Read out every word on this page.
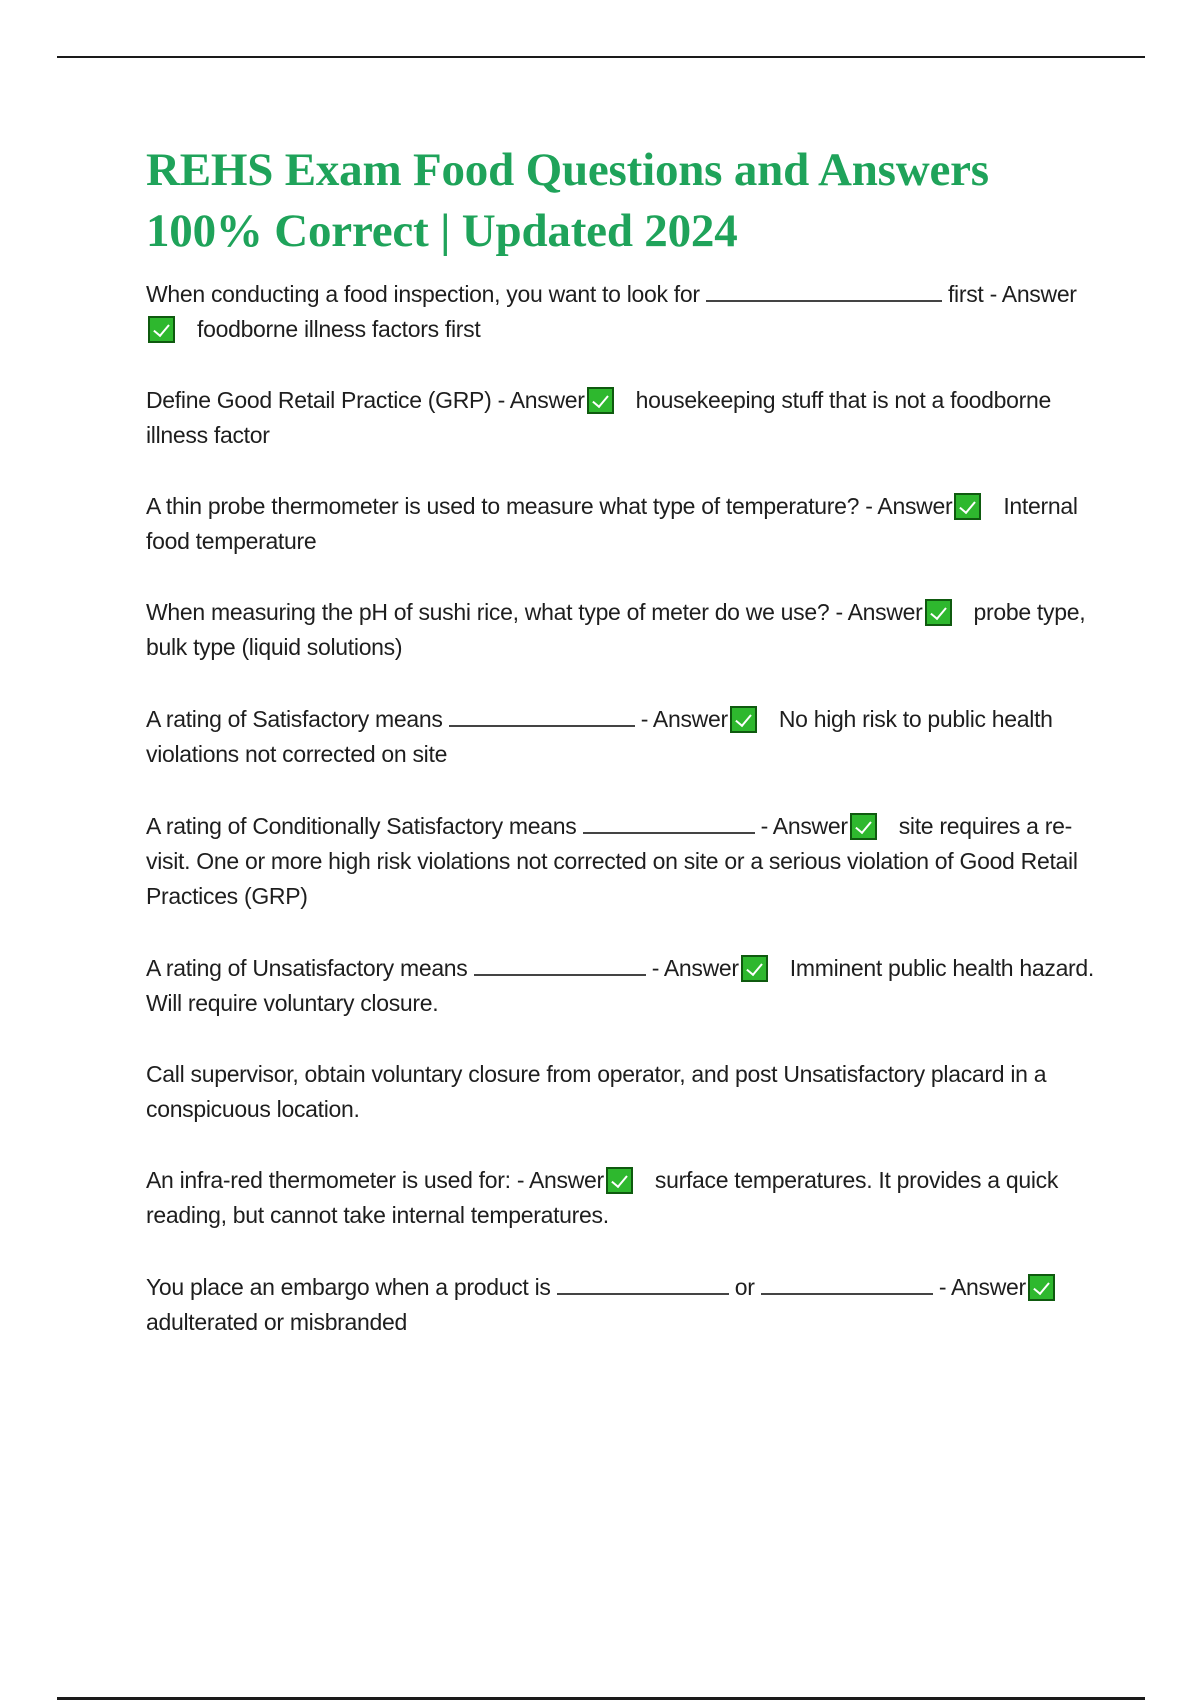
REHS Exam Food Questions and Answers
100% Correct | Updated 2024

When conducting a food inspection, you want to look for	first - Answerfoodborne illness factors first

Define Good Retail Practice (GRP) - Answer housekeeping stuff that is not a foodborne illness factor

A thin probe thermometer is used to measure what type of temperature? - Answer Internal food temperature

When measuring the pH of sushi rice, what type of meter do we use? - Answer probe type, bulk type (liquid solutions)

A rating of Satisfactory means	- Answer No high risk to public health violations not corrected on site

A rating of Conditionally Satisfactory means	- Answer site requires a re-visit. One or more high risk violations not corrected on site or a serious violation of Good Retail Practices (GRP)

A rating of Unsatisfactory means	- Answer Imminent public health hazard. Will require voluntary closure.

Call supervisor, obtain voluntary closure from operator, and post Unsatisfactory placard in a conspicuous location.

An infra-red thermometer is used for: - Answer surface temperatures. It provides a quick reading, but cannot take internal temperatures.

You place an embargo when a product is	or	- Answeradulterated or misbranded
